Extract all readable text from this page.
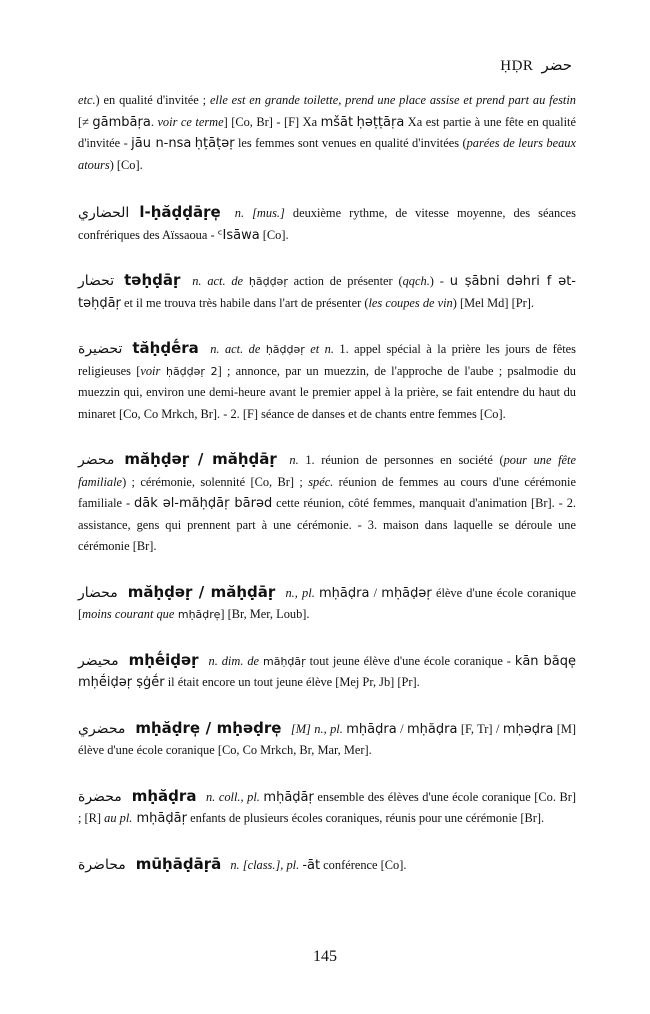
ḤḌR حضر

etc.) en qualité d'invitée ; elle est en grande toilette, prend une place assise et prend part au festin [≠ gāmbāṛa. voir ce terme] [Co, Br] - [F] Xa mšāt ḥəṭṭāṛa Xa est partie à une fête en qualité d'invitée - jāu n-nsa ḥṭāṭəṛ les femmes sont venues en qualité d'invitées (parées de leurs beaux atours) [Co].

الحضاري l-ḥăḍḍāṛe̩ n. [mus.] deuxième rythme, de vitesse moyenne, des séances confrériques des Aïssaoua - ᶜIsāwa [Co].

تحضار təḥḍāṛ n. act. de ḥăḍḍəṛ action de présenter (qqch.) - u ṣābni dəhri f ət-təḥḍāṛ et il me trouva très habile dans l'art de présenter (les coupes de vin) [Mel Md] [Pr].

تحضيرة tăḥḍḗra n. act. de ḥăḍḍəṛ et n. 1. appel spécial à la prière les jours de fêtes religieuses [voir ḥăḍḍəṛ 2] ; annonce, par un muezzin, de l'approche de l'aube ; psalmodie du muezzin qui, environ une demi-heure avant le premier appel à la prière, se fait entendre du haut du minaret [Co, Co Mrkch, Br]. - 2. [F] séance de danses et de chants entre femmes [Co].

محضر măḥḍəṛ / măḥḍāṛ n. 1. réunion de personnes en société (pour une fête familiale) ; cérémonie, solennité [Co, Br] ; spéc. réunion de femmes au cours d'une cérémonie familiale - dāk əl-măḥḍāṛ bārəd cette réunion, côté femmes, manquait d'animation [Br]. - 2. assistance, gens qui prennent part à une cérémonie. - 3. maison dans laquelle se déroule une cérémonie [Br].

محضار măḥḍəṛ / măḥḍāṛ n., pl. mḥāḍra / mḥāḍəṛ élève d'une école coranique [moins courant que mḥāḍre̩] [Br, Mer, Loub].

محيضر mḥḗiḍəṛ n. dim. de măḥḍāṛ tout jeune élève d'une école coranique - kān băqe̩ mḥḗiḍəṛ ṣġḗr il était encore un tout jeune élève [Mej Pr, Jb] [Pr].

محضري mḥăḍre̩ / mḥəḍre̩ [M] n., pl. mḥāḍra / mḥăḍra [F, Tr] / mḥəḍra [M] élève d'une école coranique [Co, Co Mrkch, Br, Mar, Mer].

محضرة mḥăḍra n. coll., pl. mḥāḍāṛ ensemble des élèves d'une école coranique [Co. Br] ; [R] au pl. mḥāḍāṛ enfants de plusieurs écoles coraniques, réunis pour une cérémonie [Br].

محاضرة mūḥāḍāṛā n. [class.], pl. -āt conférence [Co].

145
